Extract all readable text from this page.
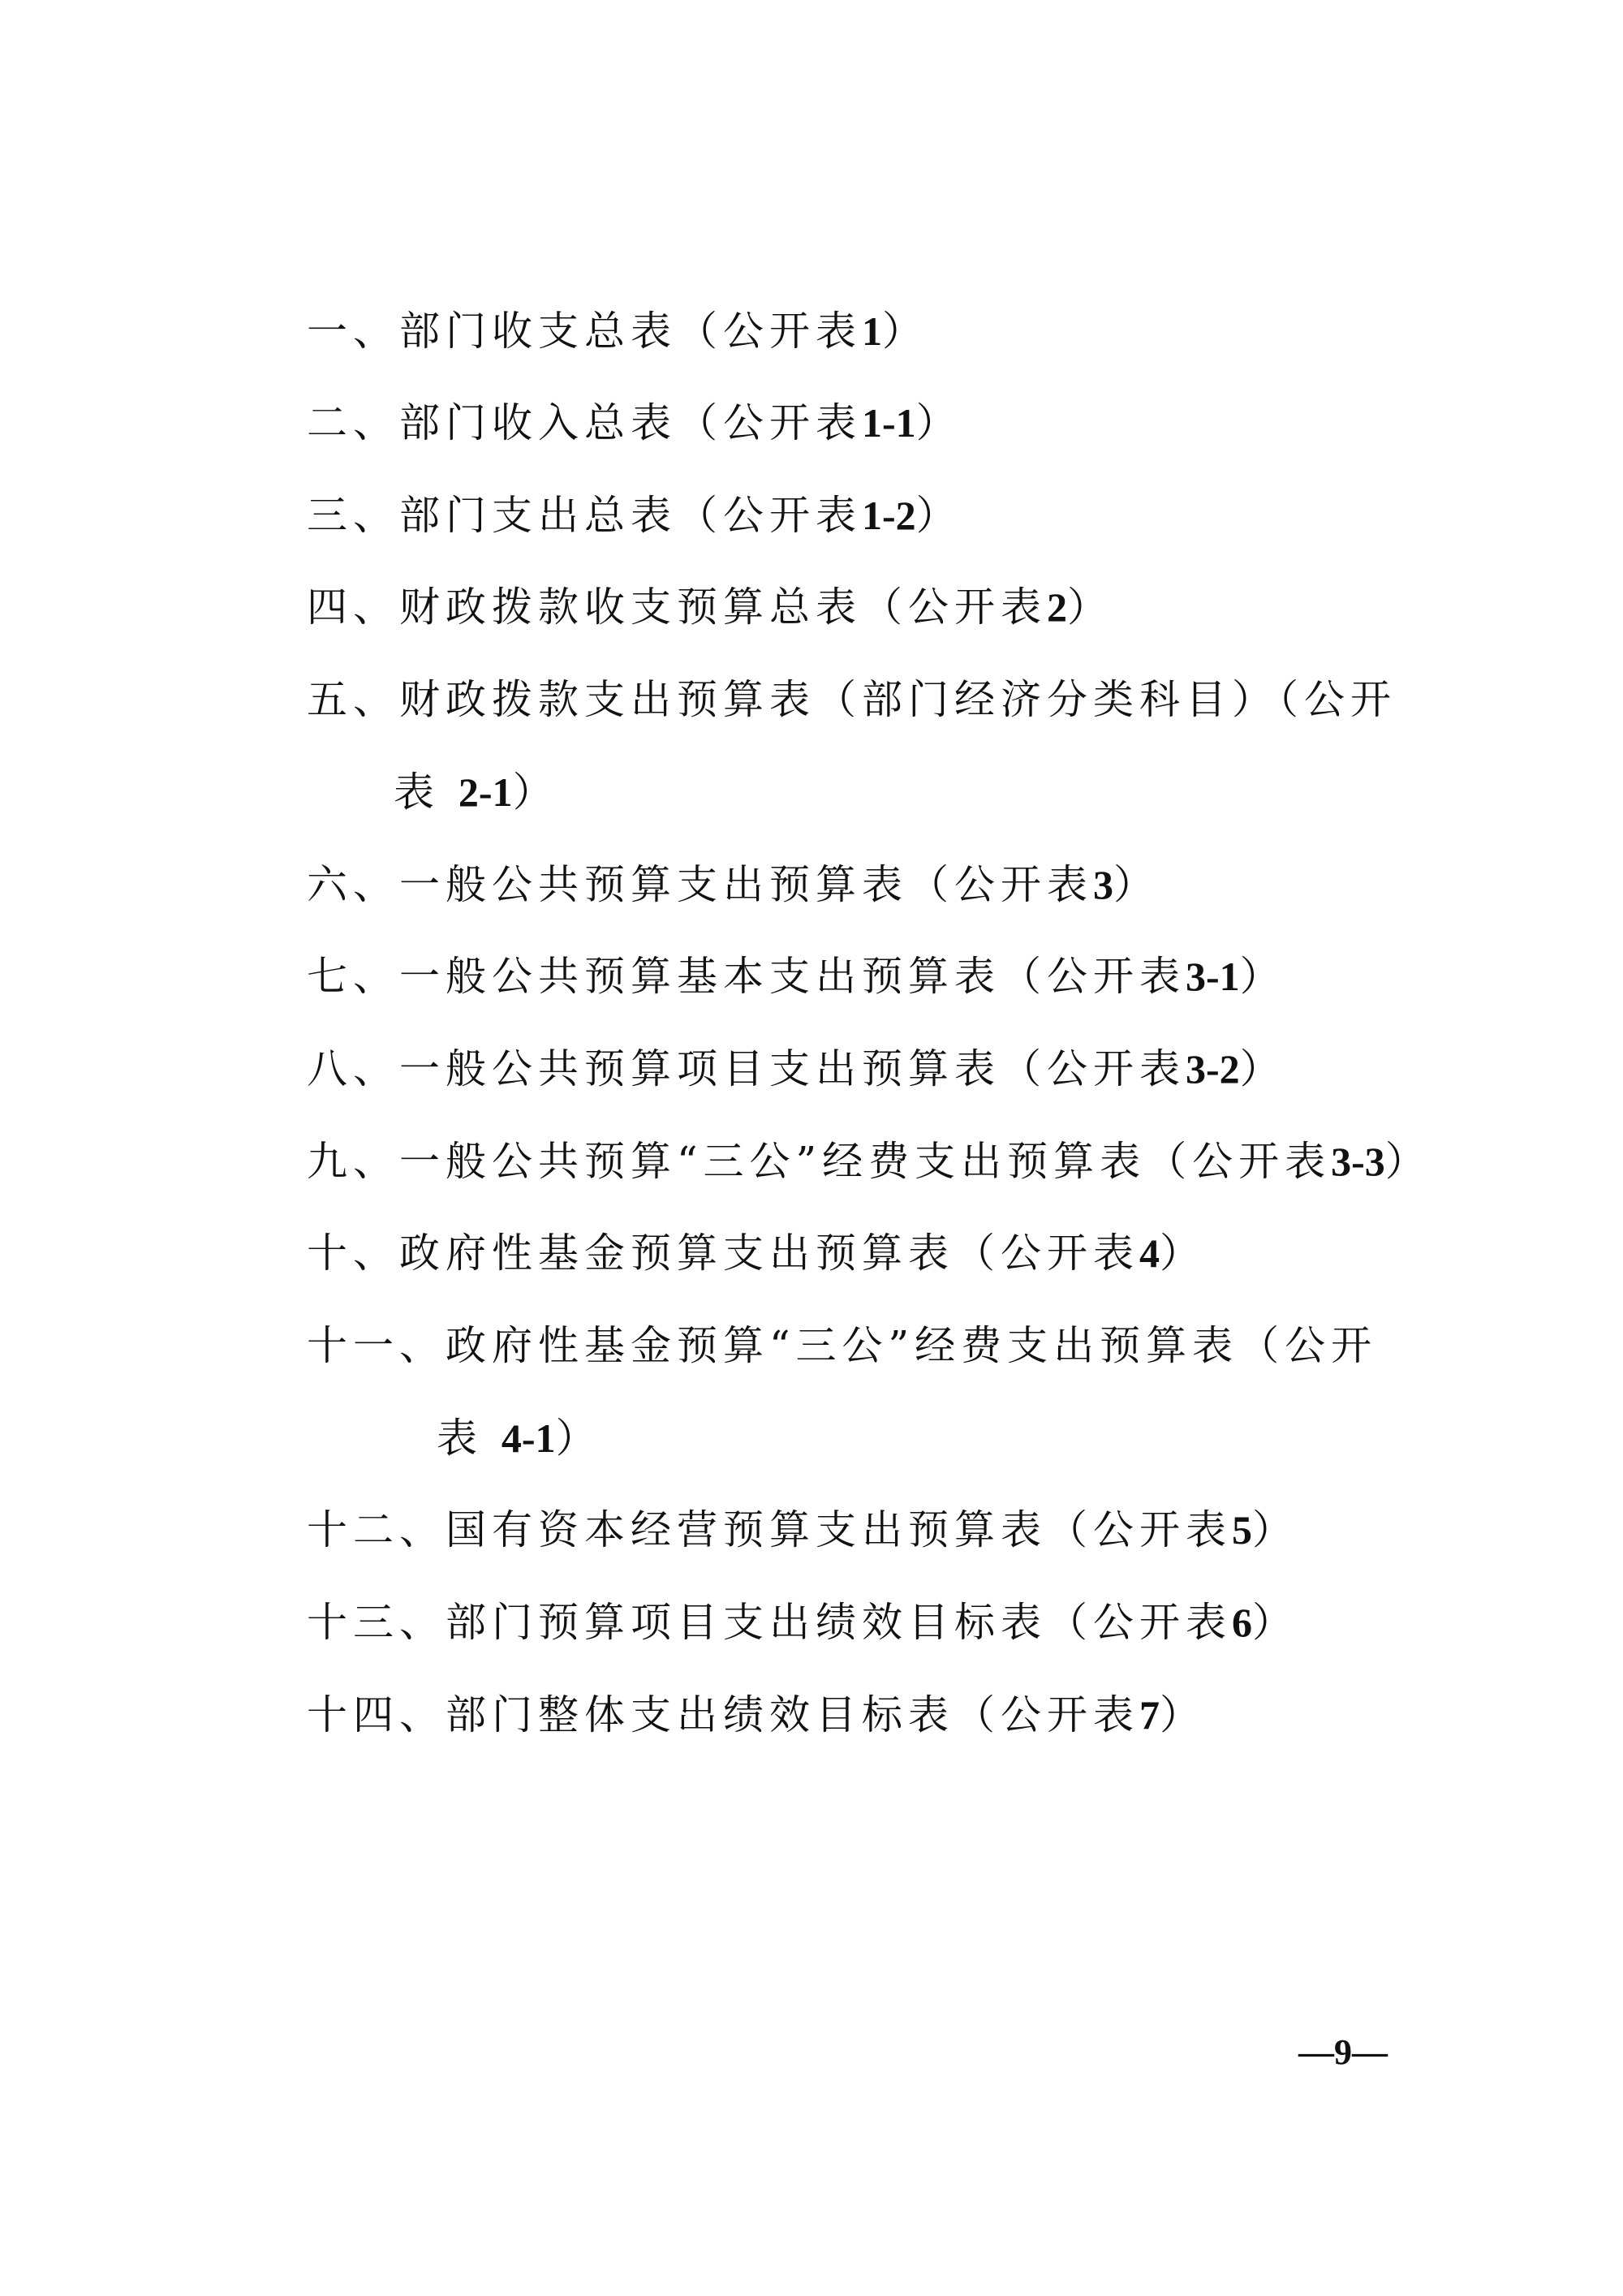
一、部门收支总表（公开表1）
二、部门收入总表（公开表1-1）
三、部门支出总表（公开表1-2）
四、财政拨款收支预算总表（公开表2）
五、财政拨款支出预算表（部门经济分类科目）（公开
表 2-1）
六、一般公共预算支出预算表（公开表3）
七、一般公共预算基本支出预算表（公开表3-1）
八、一般公共预算项目支出预算表（公开表3-2）
九、一般公共预算“三公”经费支出预算表（公开表3-3）
十、政府性基金预算支出预算表（公开表4）
十一、政府性基金预算“三公”经费支出预算表（公开
表 4-1）
十二、国有资本经营预算支出预算表（公开表5）
十三、部门预算项目支出绩效目标表（公开表6）
十四、部门整体支出绩效目标表（公开表7）
—9—
